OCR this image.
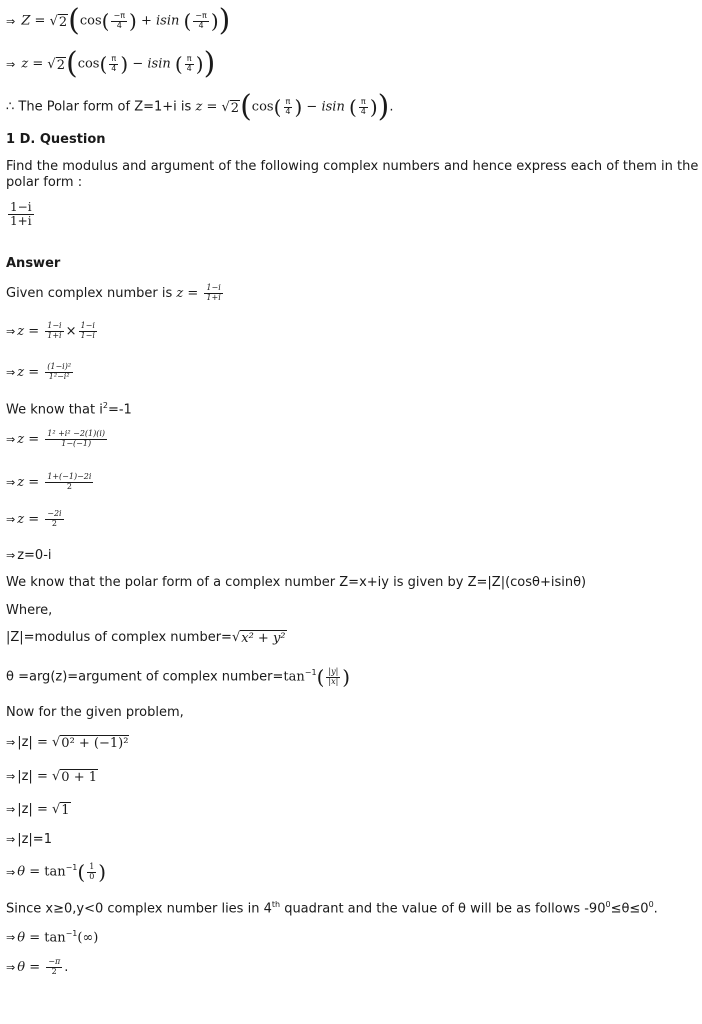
⇒ Z = √ 2 ($\cos( \frac{-\pi}{4}$ ) + isin ( $\frac{-\pi}{4}$ ))
⇒ z = √ 2 ($\cos( \frac{\pi}{4}$ ) − isin ( $\frac{\pi}{4}$ ))
∴ The Polar form of Z=1+i is z = √ 2 ($\cos( \frac{\pi}{4}$ ) − isin ( $\frac{\pi}{4}$ )).
1 D. Question
Find the modulus and argument of the following complex numbers and hence express each of them in the
polar form :
$\frac{1-i}{1+i}$
Answer
Given complex number is $z = \frac{1-i}{1+i}$
⇒ $z = \frac{1-i}{1+i} \times \frac{1-i}{1-i}$
⇒ $z = \frac{\text{(1−i)²}}{\text{1²−i²}}$
We know that $i^2=-1$
⇒ $z = \frac{\text{1² +i² −2(1)(i)}}{1-(-1)}$
⇒ $z = \frac{1+(-1)-2i}{2}$
⇒ $z = \frac{-2i}{2}$
⇒ z=0-i
We know that the polar form of a complex number Z=x+iy is given by Z=|Z|(cosθ+isinθ)
Where,
|Z|=modulus of complex number= √ x² + y²
θ =arg(z)=argument of complex $number=\tan^{-1}( \frac{|y|}{|x|}$ )
Now for the given problem,
⇒ |z| = √ 0² + (−1)²
⇒ |z| = √ 0 + 1
⇒ |z| = √ 1
⇒ |z|=1
⇒ $\theta = \tan^{-1}( \frac{1}{0}$ )
Since x≥0,y<0 complex number lies in 4th quadrant and the value of θ will be as follows $-90^0\le\theta\le 0^0$.
⇒ $\theta = \tan^{-1}(\infty)$
⇒ $\theta = \frac{-\pi}{2}$ .
